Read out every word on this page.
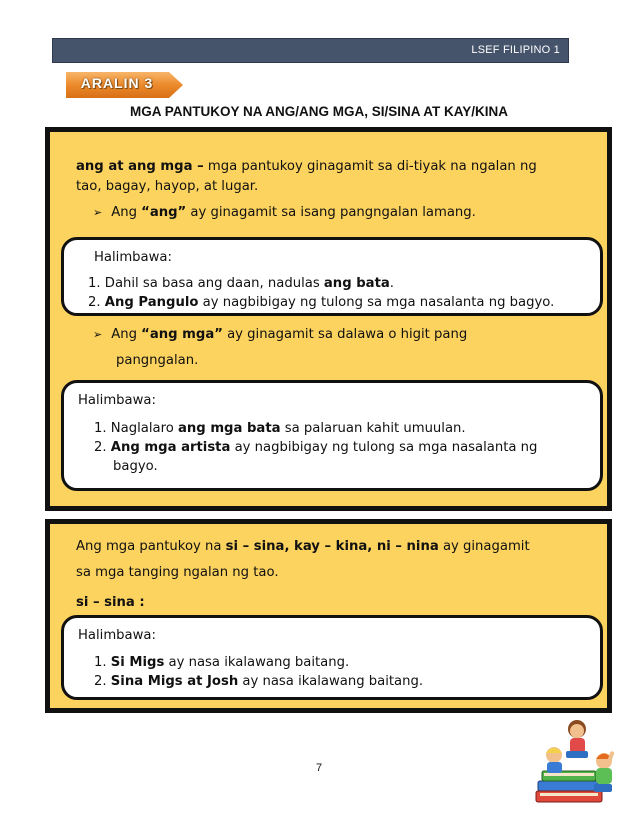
LSEF FILIPINO 1
ARALIN 3
MGA PANTUKOY NA ANG/ANG MGA, SI/SINA AT KAY/KINA
ang at ang mga – mga pantukoy ginagamit sa di-tiyak na ngalan ng
tao, bagay, hayop, at lugar.
➢ Ang “ang” ay ginagamit sa isang pangngalan lamang.
Halimbawa:
1. Dahil sa basa ang daan, nadulas ang bata.
2. Ang Pangulo ay nagbibigay ng tulong sa mga nasalanta ng bagyo.
➢ Ang “ang mga” ay ginagamit sa dalawa o higit pang
pangngalan.
Halimbawa:
1. Naglalaro ang mga bata sa palaruan kahit umuulan.
2. Ang mga artista ay nagbibigay ng tulong sa mga nasalanta ng
bagyo.
Ang mga pantukoy na si – sina, kay – kina, ni – nina ay ginagamit
sa mga tanging ngalan ng tao.
si – sina :
Halimbawa:
1. Si Migs ay nasa ikalawang baitang.
2. Sina Migs at Josh ay nasa ikalawang baitang.
7
